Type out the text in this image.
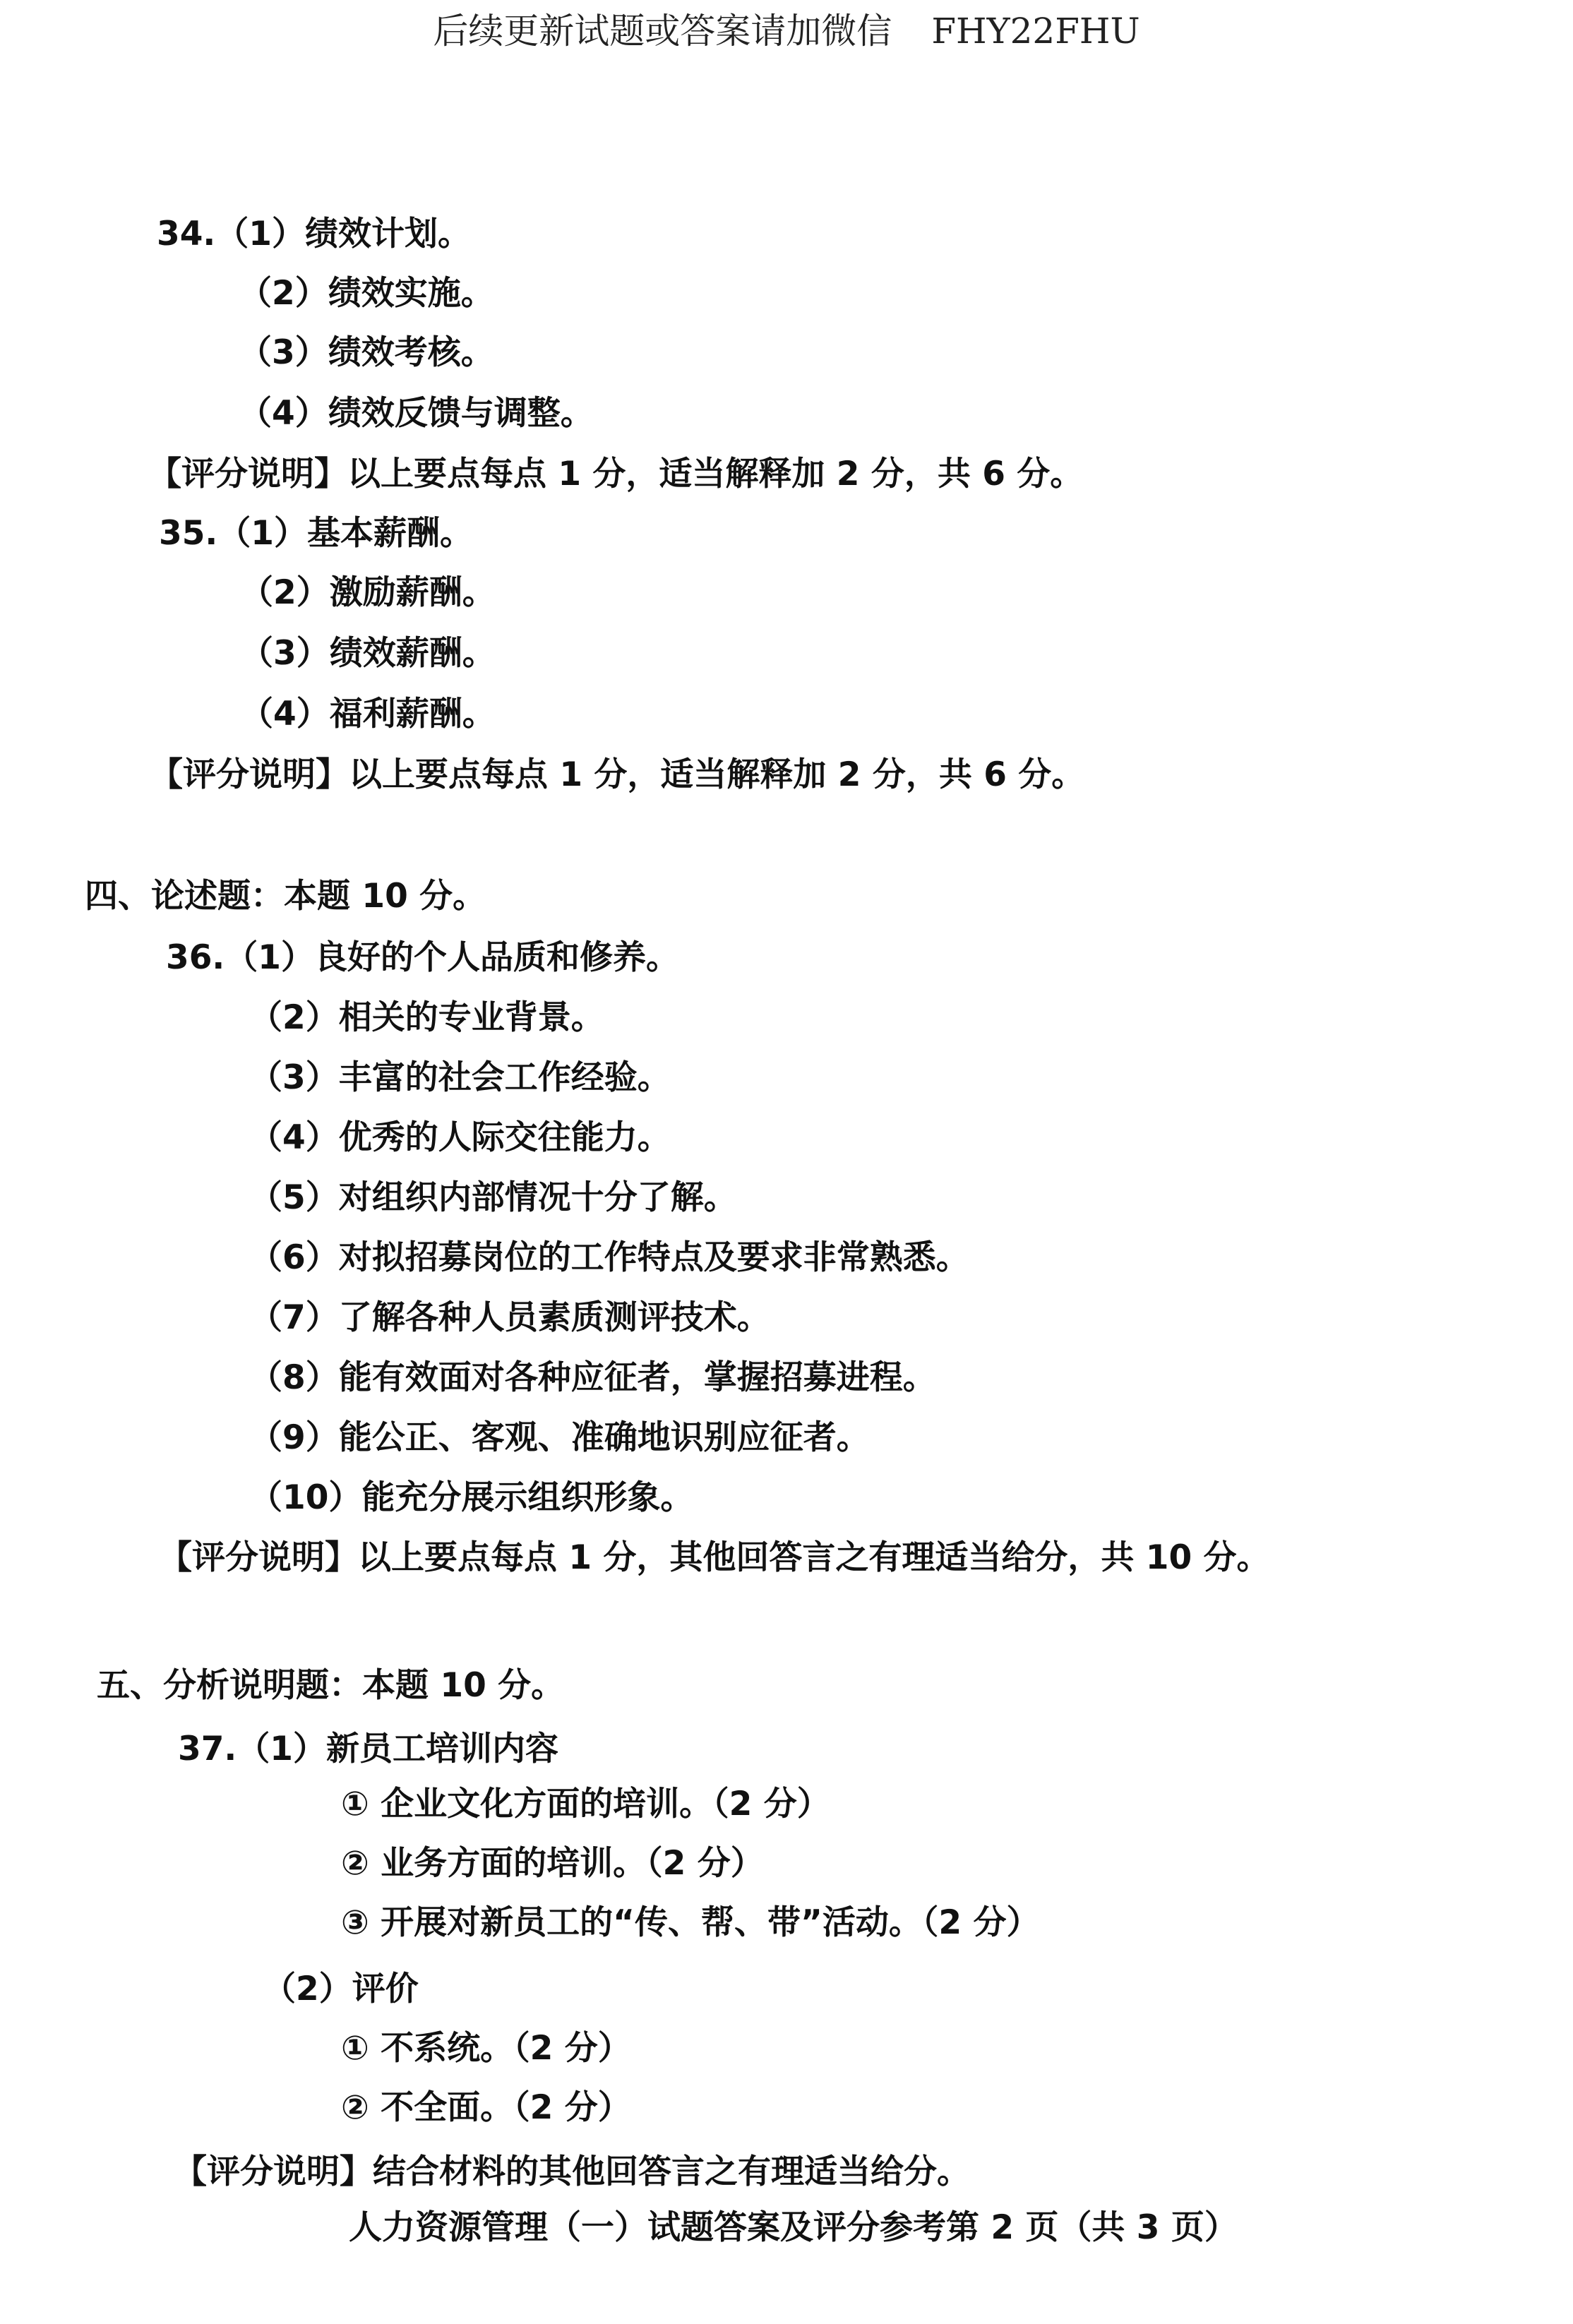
后续更新试题或答案请加微信 FHY22FHU
34.（1）绩效计划。
（2）绩效实施。
（3）绩效考核。
（4）绩效反馈与调整。
【评分说明】以上要点每点 1 分，适当解释加 2 分，共 6 分。
35.（1）基本薪酬。
（2）激励薪酬。
（3）绩效薪酬。
（4）福利薪酬。
【评分说明】以上要点每点 1 分，适当解释加 2 分，共 6 分。
四、论述题：本题 10 分。
36.（1）良好的个人品质和修养。
（2）相关的专业背景。
（3）丰富的社会工作经验。
（4）优秀的人际交往能力。
（5）对组织内部情况十分了解。
（6）对拟招募岗位的工作特点及要求非常熟悉。
（7）了解各种人员素质测评技术。
（8）能有效面对各种应征者，掌握招募进程。
（9）能公正、客观、准确地识别应征者。
（10）能充分展示组织形象。
【评分说明】以上要点每点 1 分，其他回答言之有理适当给分，共 10 分。
五、分析说明题：本题 10 分。
37.（1）新员工培训内容
① 企业文化方面的培训。（2 分）
② 业务方面的培训。（2 分）
③ 开展对新员工的“传、帮、带”活动。（2 分）
（2）评价
① 不系统。（2 分）
② 不全面。（2 分）
【评分说明】结合材料的其他回答言之有理适当给分。
人力资源管理（一）试题答案及评分参考第 2 页（共 3 页）
